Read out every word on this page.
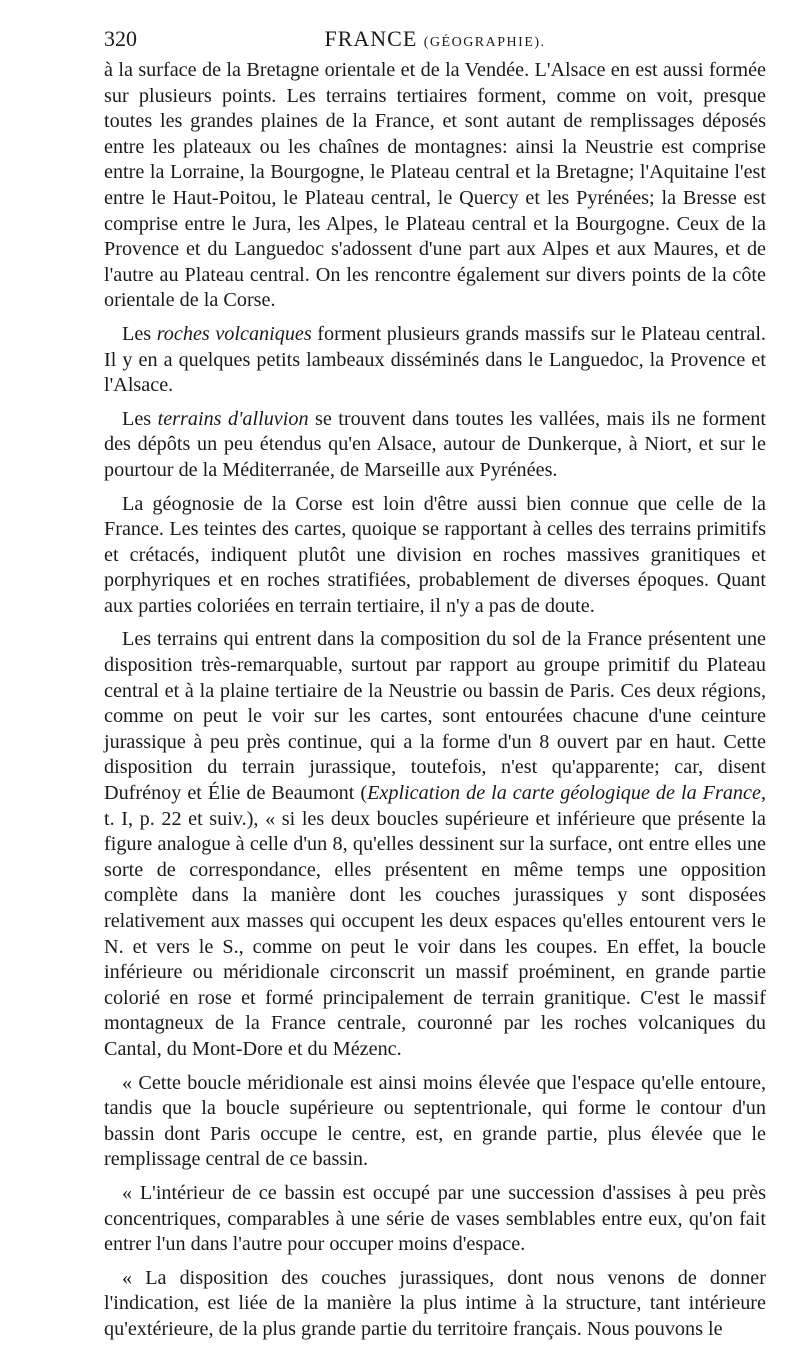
320	FRANCE (GÉOGRAPHIE).

à la surface de la Bretagne orientale et de la Vendée. L'Alsace en est aussi formée sur plusieurs points. Les terrains tertiaires forment, comme on voit, presque toutes les grandes plaines de la France, et sont autant de remplissages déposés entre les plateaux ou les chaînes de montagnes: ainsi la Neustrie est comprise entre la Lorraine, la Bourgogne, le Plateau central et la Bretagne; l'Aquitaine l'est entre le Haut-Poitou, le Plateau central, le Quercy et les Pyrénées; la Bresse est comprise entre le Jura, les Alpes, le Plateau central et la Bourgogne. Ceux de la Provence et du Languedoc s'adossent d'une part aux Alpes et aux Maures, et de l'autre au Plateau central. On les rencontre également sur divers points de la côte orientale de la Corse.

Les roches volcaniques forment plusieurs grands massifs sur le Plateau central. Il y en a quelques petits lambeaux disséminés dans le Languedoc, la Provence et l'Alsace.

Les terrains d'alluvion se trouvent dans toutes les vallées, mais ils ne forment des dépôts un peu étendus qu'en Alsace, autour de Dunkerque, à Niort, et sur le pourtour de la Méditerranée, de Marseille aux Pyrénées.

La géognosie de la Corse est loin d'être aussi bien connue que celle de la France. Les teintes des cartes, quoique se rapportant à celles des terrains primitifs et crétacés, indiquent plutôt une division en roches massives granitiques et porphyriques et en roches stratifiées, probablement de diverses époques. Quant aux parties coloriées en terrain tertiaire, il n'y a pas de doute.

Les terrains qui entrent dans la composition du sol de la France présentent une disposition très-remarquable, surtout par rapport au groupe primitif du Plateau central et à la plaine tertiaire de la Neustrie ou bassin de Paris. Ces deux régions, comme on peut le voir sur les cartes, sont entourées chacune d'une ceinture jurassique à peu près continue, qui a la forme d'un 8 ouvert par en haut. Cette disposition du terrain jurassique, toutefois, n'est qu'apparente; car, disent Dufrénoy et Élie de Beaumont (Explication de la carte géologique de la France, t. I, p. 22 et suiv.), « si les deux boucles supérieure et inférieure que présente la figure analogue à celle d'un 8, qu'elles dessinent sur la surface, ont entre elles une sorte de correspondance, elles présentent en même temps une opposition complète dans la manière dont les couches jurassiques y sont disposées relativement aux masses qui occupent les deux espaces qu'elles entourent vers le N. et vers le S., comme on peut le voir dans les coupes. En effet, la boucle inférieure ou méridionale circonscrit un massif proéminent, en grande partie colorié en rose et formé principalement de terrain granitique. C'est le massif montagneux de la France centrale, couronné par les roches volcaniques du Cantal, du Mont-Dore et du Mézenc.

« Cette boucle méridionale est ainsi moins élevée que l'espace qu'elle entoure, tandis que la boucle supérieure ou septentrionale, qui forme le contour d'un bassin dont Paris occupe le centre, est, en grande partie, plus élevée que le remplissage central de ce bassin.

« L'intérieur de ce bassin est occupé par une succession d'assises à peu près concentriques, comparables à une série de vases semblables entre eux, qu'on fait entrer l'un dans l'autre pour occuper moins d'espace.

« La disposition des couches jurassiques, dont nous venons de donner l'indication, est liée de la manière la plus intime à la structure, tant intérieure qu'extérieure, de la plus grande partie du territoire français. Nous pouvons le
